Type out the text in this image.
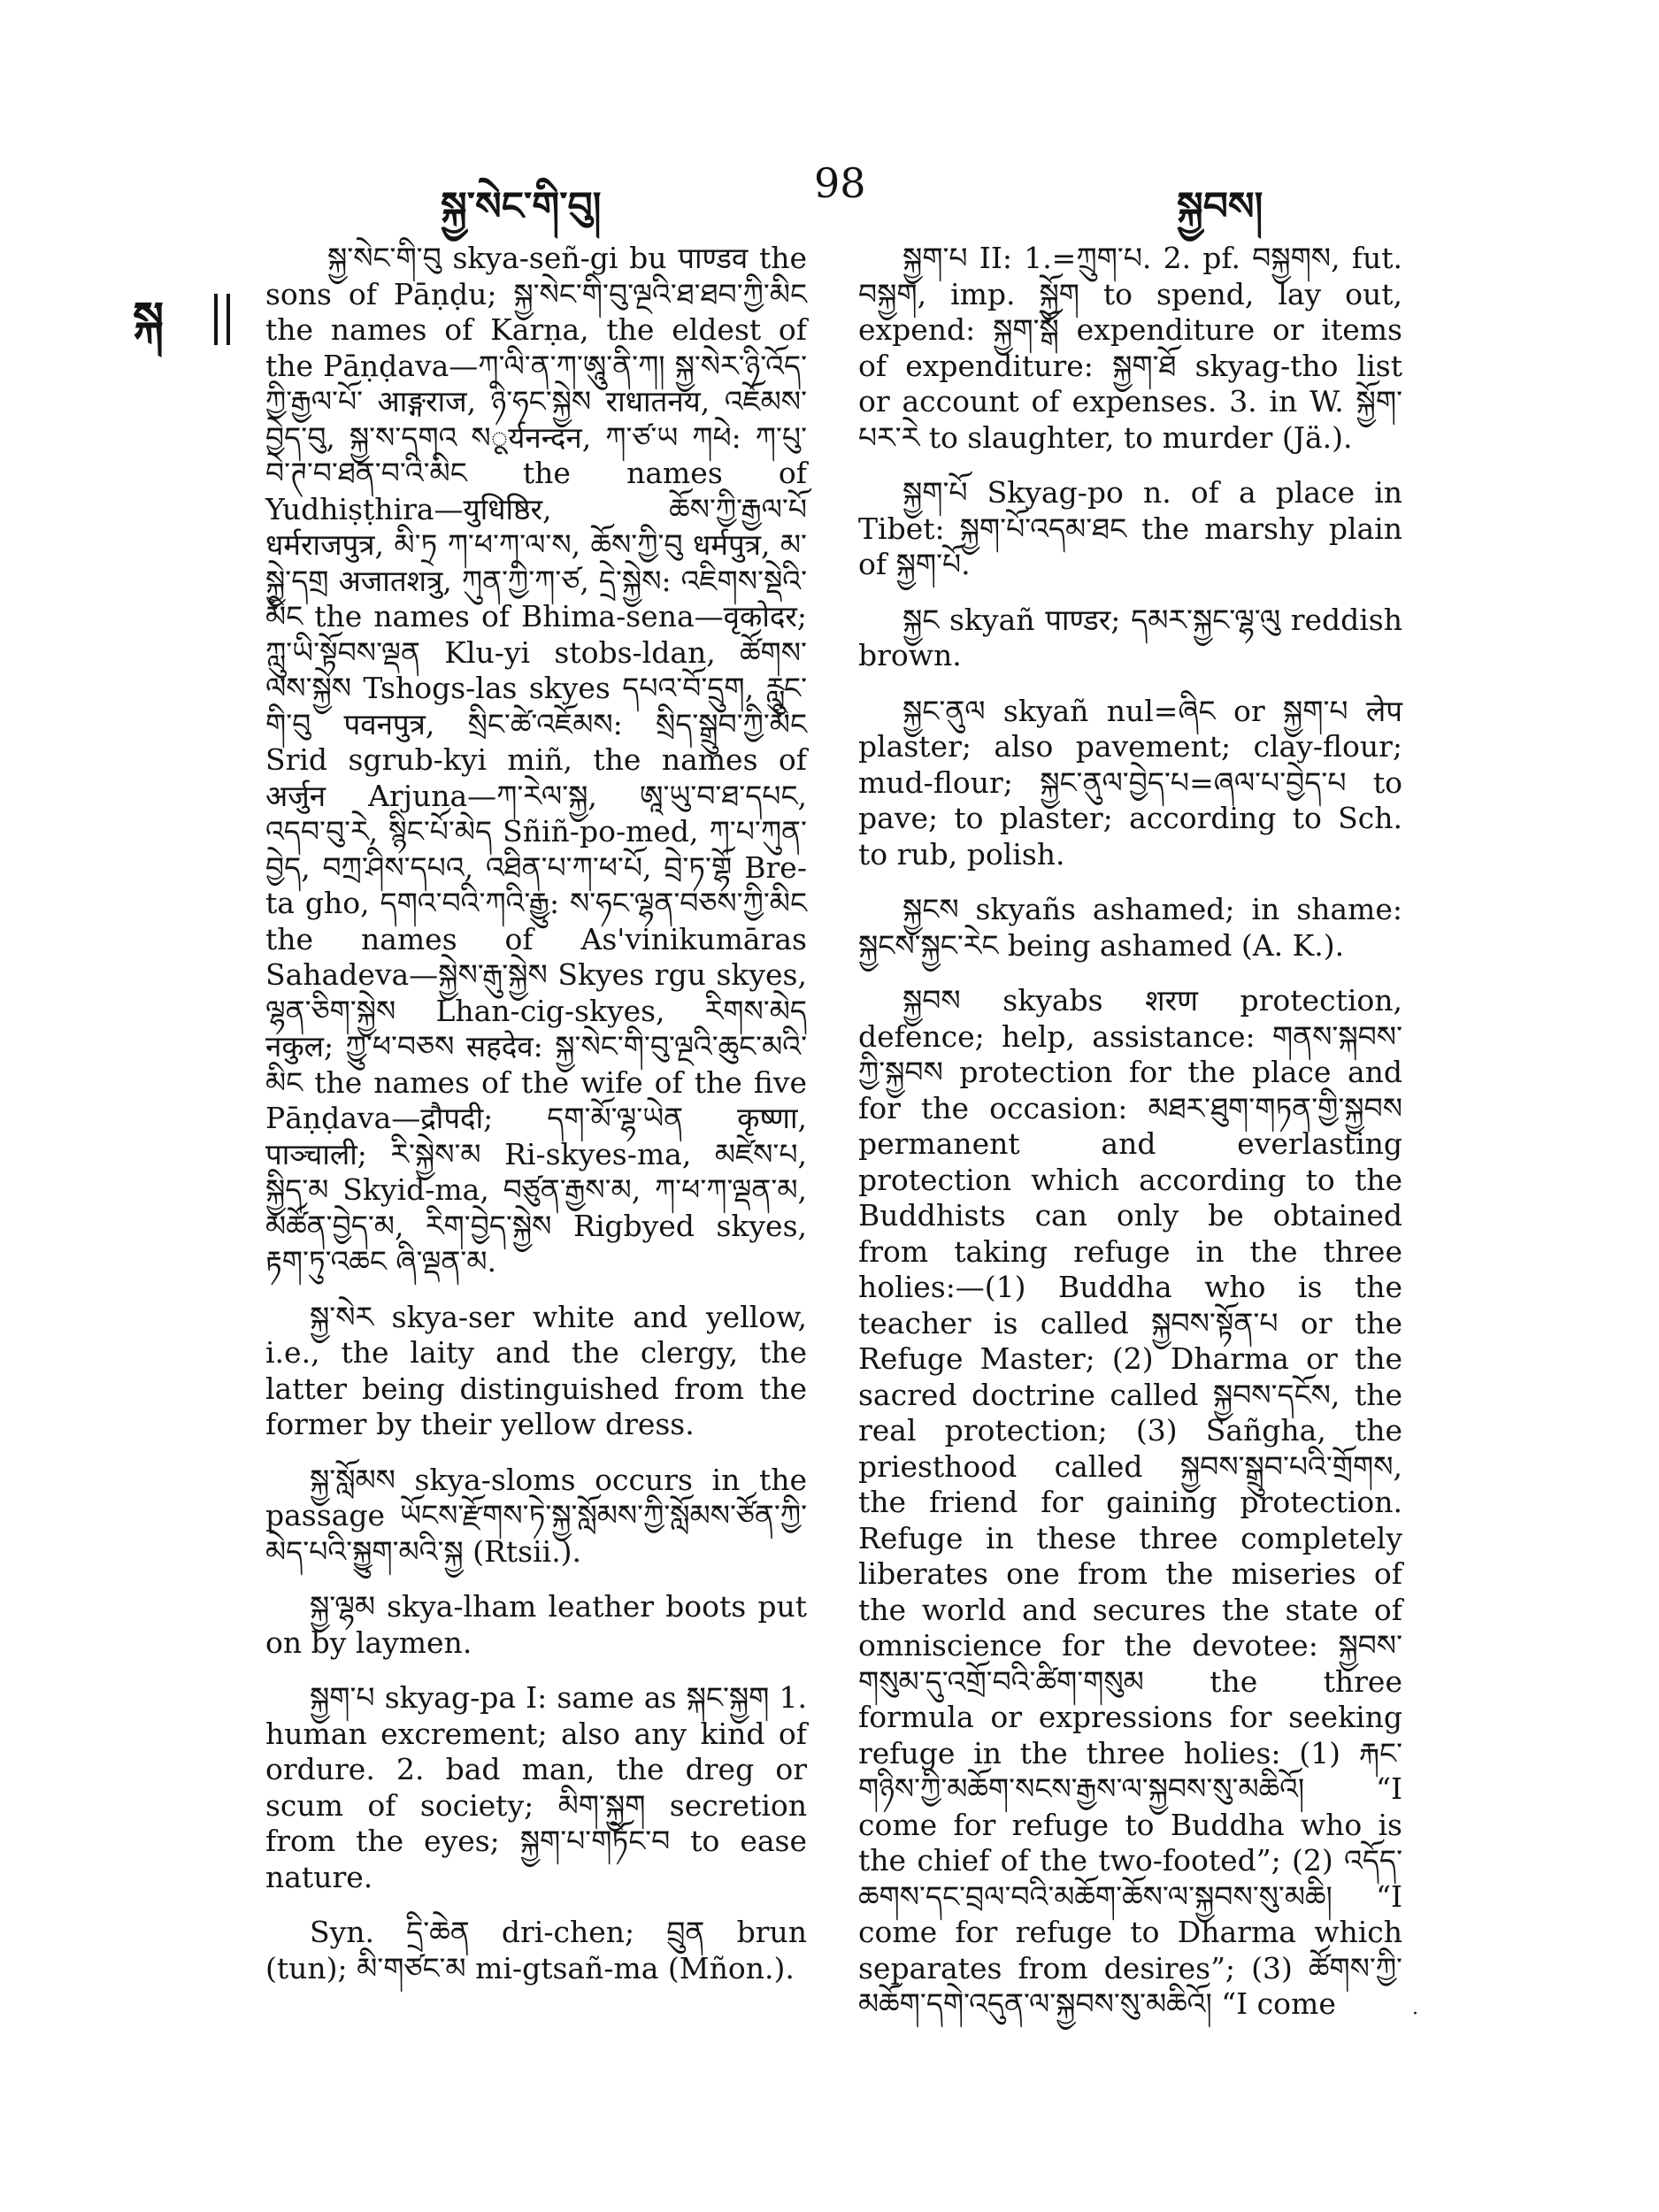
སྐྱ་སེང་གི་བུ།	98	སྐྱབས།
སྐ

སྐྱ་སེང་གི་བུ skya-señ-gi bu पाण्डव the sons of Pāṇḍu; སྐྱ་སེང་གི་བུ་ལྔའི་ཐ་ཐབ་ཀྱི་མིང the names of Karṇa, the eldest of the Pāṇḍava—ཀ་ལི་ན་ཀ་ཨཱུ་ནི་ཀ། སྐྱ་སེར་ཉི་འོད་ཀྱི་རྒྱལ་པོ་ आङ्गराज, ཉི་ཧང་སྐྱེས राधातनय, འཇོམས་བྱེད་བུ, སྐྱ་ས་དགའ སूर्यनन्दन, ཀ་ཙ་ཡ ཀཕེ: ཀ་པུ་བེ་ཊ་བ་ཐན་བ་འི་མིང the names of Yudhiṣṭhira—युधिष्ठिर, ཆོས་ཀྱི་རྒྱལ་པོ धर्मराजपुत्र, མི་ཏྲ ཀ་ཕ་ཀ་ལ་ས, ཆོས་ཀྱི་བུ धर्मपुत्र, མ་སྐྱེ་དགྲ अजातशत्रु, ཀུན་ཀྱི་ཀ་ཙ, དྲེ་སྐྱེས: འཇིགས་སྡེའི་མིང the names of Bhima-sena—वृकोदर; ཀླུ་ཡི་སྟོབས་ལྡན Klu-yi stobs-ldan, ཚོགས་ལས་སྐྱེས Tshogs-las skyes དཔའ་བོ་དྲུག, རླུང་གི་བུ पवनपुत्र, སྲིང་ཚེ་འཇོམས: སྲིད་སྒྲུབ་ཀྱི་མིང Srid sgrub-kyi miñ, the names of अर्जुन Arjuna—ཀ་རེལ་སྐྱ, ཨཱ་ཡུ་བ་ཐ་དཔང, འདབ་བུ་རེ, སྙིང་པོ་མེད Sñiñ-po-med, ཀ་པ་ཀུན་བྱེད, བཀྲ་ཤིས་དཔའ, འཐིན་པ་ཀ་ཕ་པོ, བྲེ་ཏ་གྷོ Bre-ta gho, དགའ་བའི་ཀའི་རྒྱུ: ས་ཧང་ལྷན་བཅས་ཀྱི་མིང the names of As'vinikumāras Sahadeva—སྐྱེས་རྒུ་སྐྱེས Skyes rgu skyes, ལྷན་ཅིག་སྐྱེས Lhan-cig-skyes, རིགས་མེད नकुल; ཀྱུ་ཕ་བཅས सहदेव: སྐྱ་སེང་གི་བུ་ལྔའི་ཆུང་མའི་མིང the names of the wife of the five Pāṇḍava—द्रौपदी; དག་མོ་ལྷ་ཡེན कृष्णा, पाञ्चाली; རི་སྐྱེས་མ Ri-skyes-ma, མཛེས་པ, སྐྱིད་མ Skyid-ma, བཙུན་རྒྱས་མ, ཀ་ཕ་ཀ་ལྡན་མ, མཚོན་བྱེད་མ, རིག་བྱེད་སྐྱེས Rigbyed skyes, རྟག་ཏུ་འཆང ཞི་ལྡན་མ.

སྐྱ་སེར skya-ser white and yellow, i.e., the laity and the clergy, the latter being distinguished from the former by their yellow dress.

སྐྱ་སློམས skya-sloms occurs in the passage ཡོངས་རྫོགས་ཏེ་སྐྱ་སློམས་ཀྱི་སློམས་ཙོན་ཀྱི་མེད་པའི་སྐྱུག་མའི་སྐྱ (Rtsii.).

སྐྱ་ལྷམ skya-lham leather boots put on by laymen.

སྐྱག་པ skyag-pa I: same as སྐང་སྐྱག 1. human excrement; also any kind of ordure. 2. bad man, the dreg or scum of society; མིག་སྐྱག secretion from the eyes; སྐྱག་པ་གཏོང་བ to ease nature.

Syn. དྲི་ཆེན dri-chen; བྲུན brun (tun); མི་གཙང་མ mi-gtsañ-ma (Mñon.).

སྐྱག་པ II: 1.=ཀྲུག་པ. 2. pf. བསྐྱགས, fut. བསྐྱག, imp. སྐྱོག to spend, lay out, expend: སྐྱག་སྒོ expenditure or items of expenditure: སྐྱག་ཐོ skyag-tho list or account of expenses. 3. in W. སྐྱོག་པར་རེ to slaughter, to murder (Jä.).

སྐྱག་པོ Skyag-po n. of a place in Tibet: སྐྱག་པོ་འདམ་ཐང the marshy plain of སྐྱག་པོ.

སྐྱང skyañ पाण्डर; དམར་སྐྱང་ལྷ་ལུ reddish brown.

སྐྱང་ནུལ skyañ nul=ཞིང or སྐྱག་པ लेप plaster; also pavement; clay-flour; mud-flour; སྐྱང་ནུལ་བྱེད་པ=ཞལ་པ་བྱེད་པ to pave; to plaster; according to Sch. to rub, polish.

སྐྱངས skyañs ashamed; in shame: སྐྱངས་སྐྱང་རེང being ashamed (A. K.).

སྐྱབས skyabs शरण protection, defence; help, assistance: གནས་སྐབས་ཀྱི་སྐྱབས protection for the place and for the occasion: མཐར་ཐུག་གཏན་གྱི་སྐྱབས permanent and everlasting protection which according to the Buddhists can only be obtained from taking refuge in the three holies:—(1) Buddha who is the teacher is called སྐྱབས་སྟོན་པ or the Refuge Master; (2) Dharma or the sacred doctrine called སྐྱབས་དངོས, the real protection; (3) Sañgha, the priesthood called སྐྱབས་སྒྲུབ་པའི་གྲོགས, the friend for gaining protection. Refuge in these three completely liberates one from the miseries of the world and secures the state of omniscience for the devotee: སྐྱབས་གསུམ་དུ་འགྲོ་བའི་ཚིག་གསུམ the three formula or expressions for seeking refuge in the three holies: (1) རྐང་གཉིས་ཀྱི་མཆོག་སངས་རྒྱས་ལ་སྐྱབས་སུ་མཆིའོ། “I come for refuge to Buddha who is the chief of the two-footed”; (2) འདོད་ཆགས་དང་བྲལ་བའི་མཆོག་ཆོས་ལ་སྐྱབས་སུ་མཆི། “I come for refuge to Dharma which separates from desires”; (3) ཚོགས་ཀྱི་མཆོག་དགེ་འདུན་ལ་སྐྱབས་སུ་མཆིའོ། “I come	·
